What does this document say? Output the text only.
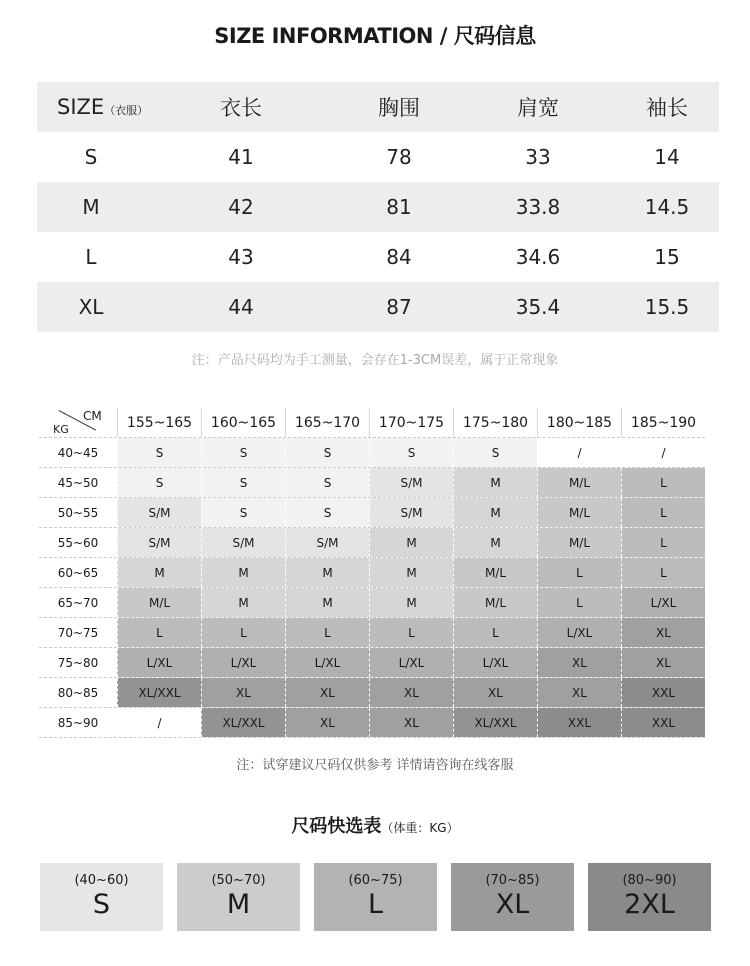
SIZE INFORMATION / 尺码信息
SIZE（衣服）	衣长	胸围	肩宽	袖长
S	41	78	33	14
M	42	81	33.8	14.5
L	43	84	34.6	15
XL	44	87	35.4	15.5
注：产品尺码均为手工测量，会存在1-3CM误差，属于正常现象
KG
CM	155~165	160~165	165~170	170~175	175~180	180~185	185~190
40~45	S	S	S	S	S	/	/
45~50	S	S	S	S/M	M	M/L	L
50~55	S/M	S	S	S/M	M	M/L	L
55~60	S/M	S/M	S/M	M	M	M/L	L
60~65	M	M	M	M	M/L	L	L
65~70	M/L	M	M	M	M/L	L	L/XL
70~75	L	L	L	L	L	L/XL	XL
75~80	L/XL	L/XL	L/XL	L/XL	L/XL	XL	XL
80~85	XL/XXL	XL	XL	XL	XL	XL	XXL
85~90	/	XL/XXL	XL	XL	XL/XXL	XXL	XXL
注：试穿建议尺码仅供参考 详情请咨询在线客服
尺码快选表（体重：KG）
(40~60)
S
(50~70)
M
(60~75)
L
(70~85)
XL
(80~90)
2XL
